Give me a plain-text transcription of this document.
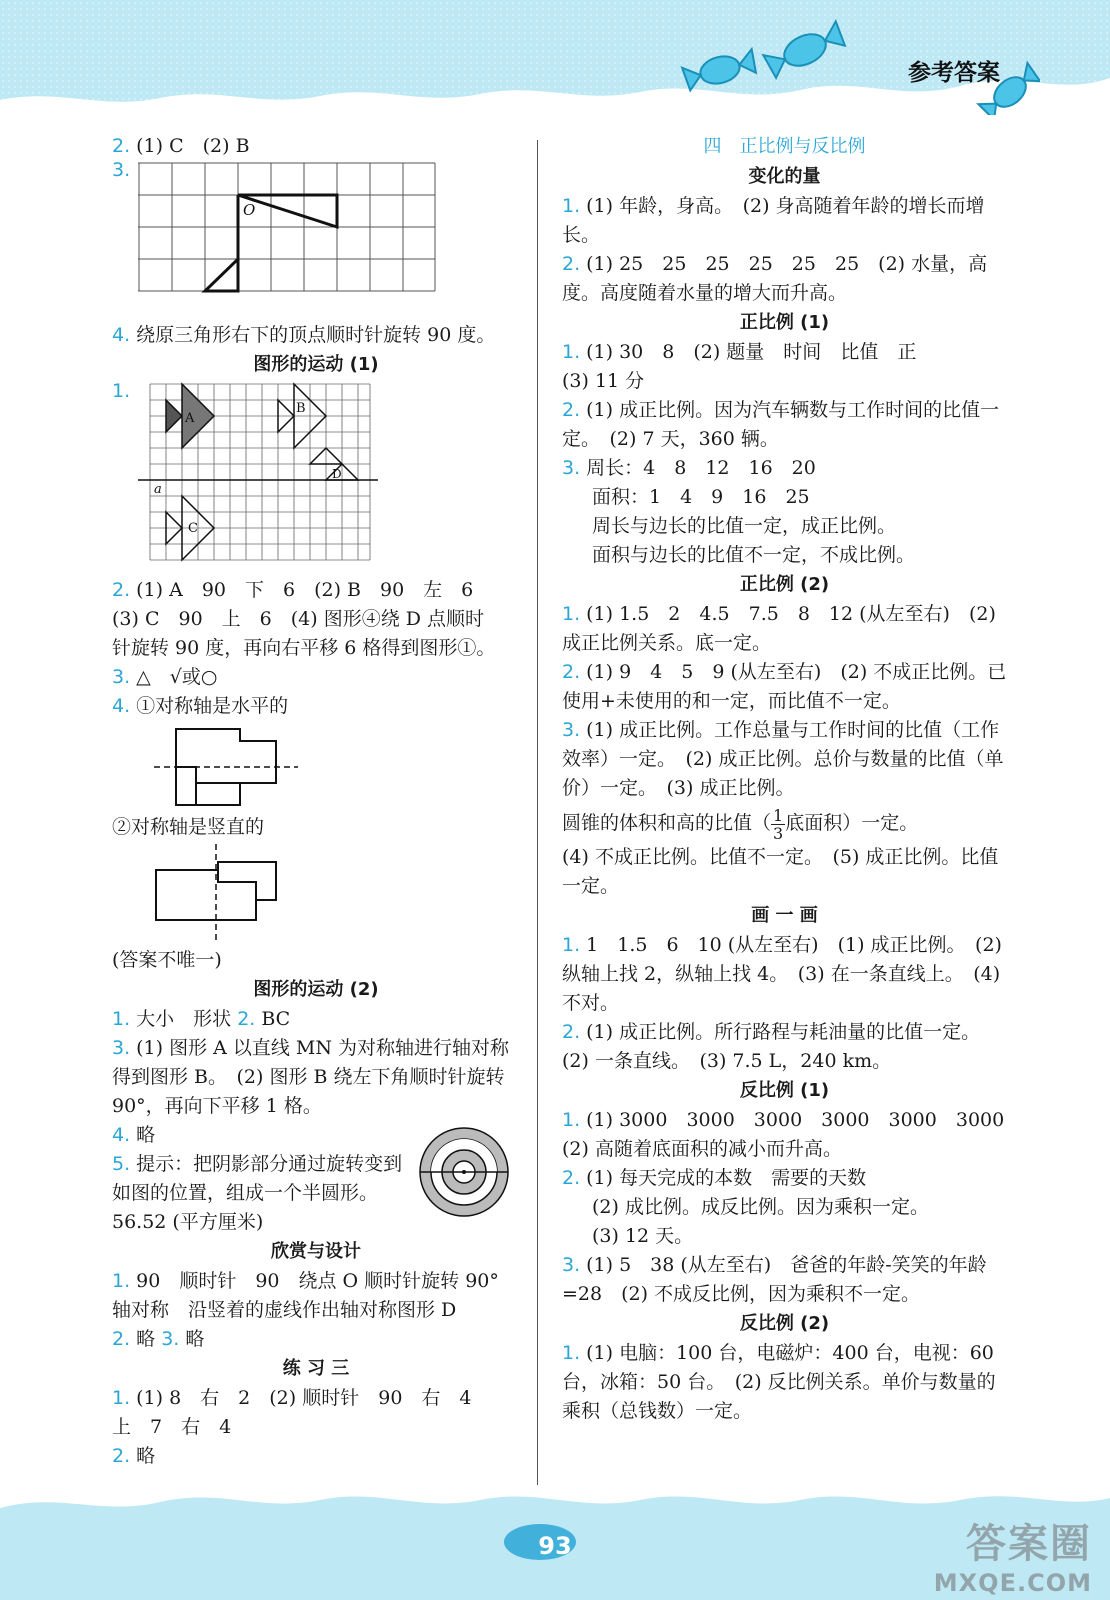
参考答案

2. (1) C　(2) B

3.
O

4. 绕原三角形右下的顶点顺时针旋转 90 度。

图形的运动 (1)

1.
a
A
B
D
C

2. (1) A　90　下　6　(2) B　90　左　6

(3) C　90　上　6　(4) 图形④绕 D 点顺时

针旋转 90 度，再向右平移 6 格得到图形①。

3. △　√或○

4. ①对称轴是水平的

②对称轴是竖直的

(答案不唯一)

图形的运动 (2)

1. 大小　形状 2. BC

3. (1) 图形 A 以直线 MN 为对称轴进行轴对称得到图形 B。　(2) 图形 B 绕左下角顺时针旋转 90°，再向下平移 1 格。

4. 略

5. 提示：把阴影部分通过旋转变到如图的位置，组成一个半圆形。

56.52 (平方厘米)

欣赏与设计

1. 90　顺时针　90　绕点 O 顺时针旋转 90°

轴对称　沿竖着的虚线作出轴对称图形 D

2. 略 3. 略

练 习 三

1. (1) 8　右　2　(2) 顺时针　90　右　4

上　7　右　4

2. 略

四　正比例与反比例

变化的量

1. (1) 年龄，身高。　(2) 身高随着年龄的增长而增长。

2. (1) 25　25　25　25　25　25　(2) 水量，高度。高度随着水量的增大而升高。

正比例 (1)

1. (1) 30　8　(2) 题量　时间　比值　正

(3) 11 分

2. (1) 成正比例。因为汽车辆数与工作时间的比值一定。　(2) 7 天，360 辆。

3. 周长：4　8　12　16　20

面积：1　4　9　16　25

周长与边长的比值一定，成正比例。

面积与边长的比值不一定，不成比例。

正比例 (2)

1. (1) 1.5　2　4.5　7.5　8　12 (从左至右)　(2) 成正比例关系。底一定。

2. (1) 9　4　5　9 (从左至右)　(2) 不成正比例。已使用+未使用的和一定，而比值不一定。

3. (1) 成正比例。工作总量与工作时间的比值（工作效率）一定。　(2) 成正比例。总价与数量的比值（单价）一定。　(3) 成正比例。

圆锥的体积和高的比值（ $\frac{1}{3}$ 底面积）一定。

(4) 不成正比例。比值不一定。　(5) 成正比例。比值一定。

画 一 画

1. 1　1.5　6　10 (从左至右)　(1) 成正比例。　(2) 纵轴上找 2，纵轴上找 4。　(3) 在一条直线上。　(4) 不对。

2. (1) 成正比例。所行路程与耗油量的比值一定。　(2) 一条直线。　(3) 7.5 L，240 km。

反比例 (1)

1. (1) 3000　3000　3000　3000　3000　3000　(2) 高随着底面积的减小而升高。

2. (1) 每天完成的本数　需要的天数

(2) 成比例。成反比例。因为乘积一定。

(3) 12 天。

3. (1) 5　38 (从左至右)　爸爸的年龄-笑笑的年龄=28　(2) 不成反比例，因为乘积不一定。

反比例 (2)

1. (1) 电脑：100 台，电磁炉：400 台，电视：60 台，冰箱：50 台。　(2) 反比例关系。单价与数量的乘积（总钱数）一定。

93	答案圈
MXQE.COM
